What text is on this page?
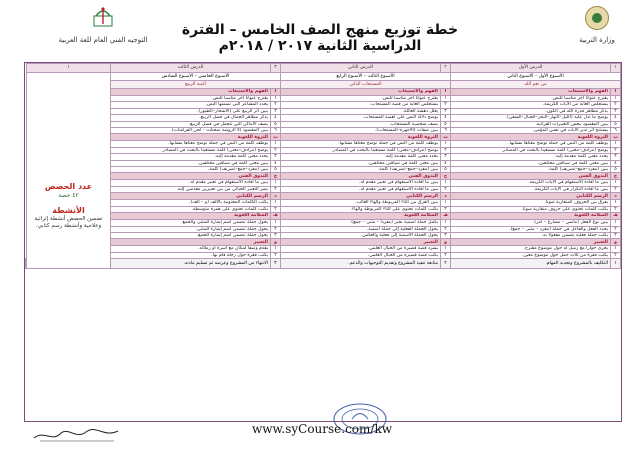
التوجيه الفني العام للغة العربية
خطة توزيع منهج الصف الخامس – الفترة الدراسية الثانية ٢٠١٧ / ٢٠١٨م	وزارة التربية
١	الدرس الأول	٢	الدرس الثاني	٣	الدرس الثالث	١	
الأسبوع الأول – الأسبوع الثاني		الأسبوع الثالث – الأسبوع الرابع		الأسبوع الخامس – الأسبوع السادس		عدد الحصص
٤٢ حصة
الأنشطة
تضمين الحصص أنشطة إثرائية وعلاجية وأنشطة رسم كتابي.	

من نعم الله		المستجاب الذكي		أغنية الربيع			
أ	الفهم والاستيعاب	أ	الفهم والاستيعاب	أ	الفهم والاستيعاب		
١	يقترح عنواناً آخر مناسباً للنص.	١	يقترح عنواناً آخر مناسباً للنص.	١	يقترح عنواناً آخر مناسباً للنص.		
٢	يستخلص الغاية من الآيات الكريمة.	٢	يستخلص الغاية من قصة المستجاب.	٢	يحدد المشاعر التي تضمنها النص.		
٣	يذكر مظاهر قدرة الله في الكون.	٣	يعلل دهشة العائلة.	٣	يبين أثر الربيع على (الأشجار–الطيور).		
٤	يوضح ما تدل عليه (الليل–النهار–البحر–الجبال–السفن).	٤	يوضح دلالة النص على أهمية المستجاب.	٤	يذكر مظاهر الجمال في فصل الربيع.		
٥	يبين المقصود ببعض التعبيرات القرآنية.	٥	يصف شخصية المستجاب.	٥	يصف الأماكن التي تتجمل في فصل الربيع.		
٦	يستنتج أثر تدبر الآيات في نفس المؤمن.	٦	يبين صفات (الأجهزة–المستجاب).	٦	يبين المقصود (لا الروضة ضحكت – لحن الفراشات).		
ب	الثروة اللغوية	ب	الثروة اللغوية	ب	الثروة اللغوية		
١	يوظف كلمة من النص في جملة توضح معناها مشابهاً.	١	يوظف كلمة من النص في جملة توضح معناها مشابهاً.	١	يوظف كلمة من النص في جملة توضح معناها مشابهاً.		
٢	يوضح (مرادف–معنى) كلمة مستعيناً بالبحث في المصادر.	٢	يوضح (مرادف–معنى) كلمة مستعيناً بالبحث في المصادر.	٢	يوضح (مرادف–معنى) كلمة مستعيناً بالبحث في المصادر.		
٣	يحدد معنى كلمة مقدمة إليه.	٣	يحدد معنى كلمة مقدمة إليه.	٣	يحدد معنى كلمة مقدمة إليه.		
٤	يبين معنى كلمة في سياقين مختلفين.	٤	يبين معنى كلمة في سياقين مختلفين.	٤	يبين معنى كلمة في سياقين مختلفين.		
٥	يبين (مفرد–جمع–تصريف) كلمة.	٥	يبين (مفرد–جمع–تصريف) كلمة.	٥	يبين (مفرد–جمع–تصريف) كلمة.		
ج	التذوق الفني	ج	التذوق الفني	ج	التذوق الفني		
١	يبين ما أفاده الاستفهام في الآيات الكريمة.	١	يبين ما أفاده الاستفهام في تعبير مقدم له.	١	يبين ما أفاده الاستفهام في تعبير مقدم له.		
٢	يبين ما أفاده التكرار في الآيات الكريمة.	٢	يبين ما أفاده الاستفهام في تعبير مقدم له.	٢	يميز التعبير الخيالي من بين تعبيرين مقدمين إليه.		
د	الرسم الكتابي	د	الرسم الكتابي	د	الرسم الكتابي		
١	يفرق بين الحروف المتقاربة صوتاً.	١	يبين الفرق بين التاء المربوطة والهاء الغائب.	١	يكتب الكلمات المختومة بالألف (و – ألف).		
٢	يكتب كلمات تحتوي على حروف متقاربة صوتاً.	٢	يكتب كلمات تحتوي على التاء المربوطة والهاء.	٢	يكتب كلمات تحتوي على همزة متوسطة.		
هـ	السلامة اللغوية	هـ	السلامة اللغوية	هـ	السلامة اللغوية		
١	يبين نوع الفعل (ماضي – مضارع – أمر).	١	يكمل جملة اسمية بخبر (مفرداً – مثنى – جمع).	١	يحول جملة تتضمن اسم إشارة للمثنى والجمع.		
٢	يحدد الفعل والفاعل في جملة (مفرد – مثنى – جمع).	٢	يحول الجملة الفعلية إلى جملة اسمية.	٢	يحول جملة تتضمن اسم إشارة للمثنى.		
٣	يكتب جملة فعلية تتضمن مفعولاً به.	٣	يحول الجملة الاسمية إلى فعلية والعكس.	٣	يحول جملة تتضمن اسم إشارة للجمع.		
و	التعبير	و	التعبير	و	التعبير		
١	يجري حواراً مع زميل له حول موضوع مقترح.	١	يسرد قصة قصيرة من الخيال العلمي.	١	يقدم وصفاً لمكان مع أسرة أو زملائه.		
٢	يكتب فقرة من ثلاث جمل حول موضوع معين.	٢	يكتب قصة قصيرة من الخيال العلمي.	٢	يكتب فقرة حول رحلة قام بها.		
١	التكليف بالمشروع وتحديد المهام.	٢	متابعة تنفيذ المشروع وتقديم التوجيهات والدعم.	٣	الانتهاء من المشروع وعرضه ثم تسليم مادته.	
www.syCourse.com/kw
